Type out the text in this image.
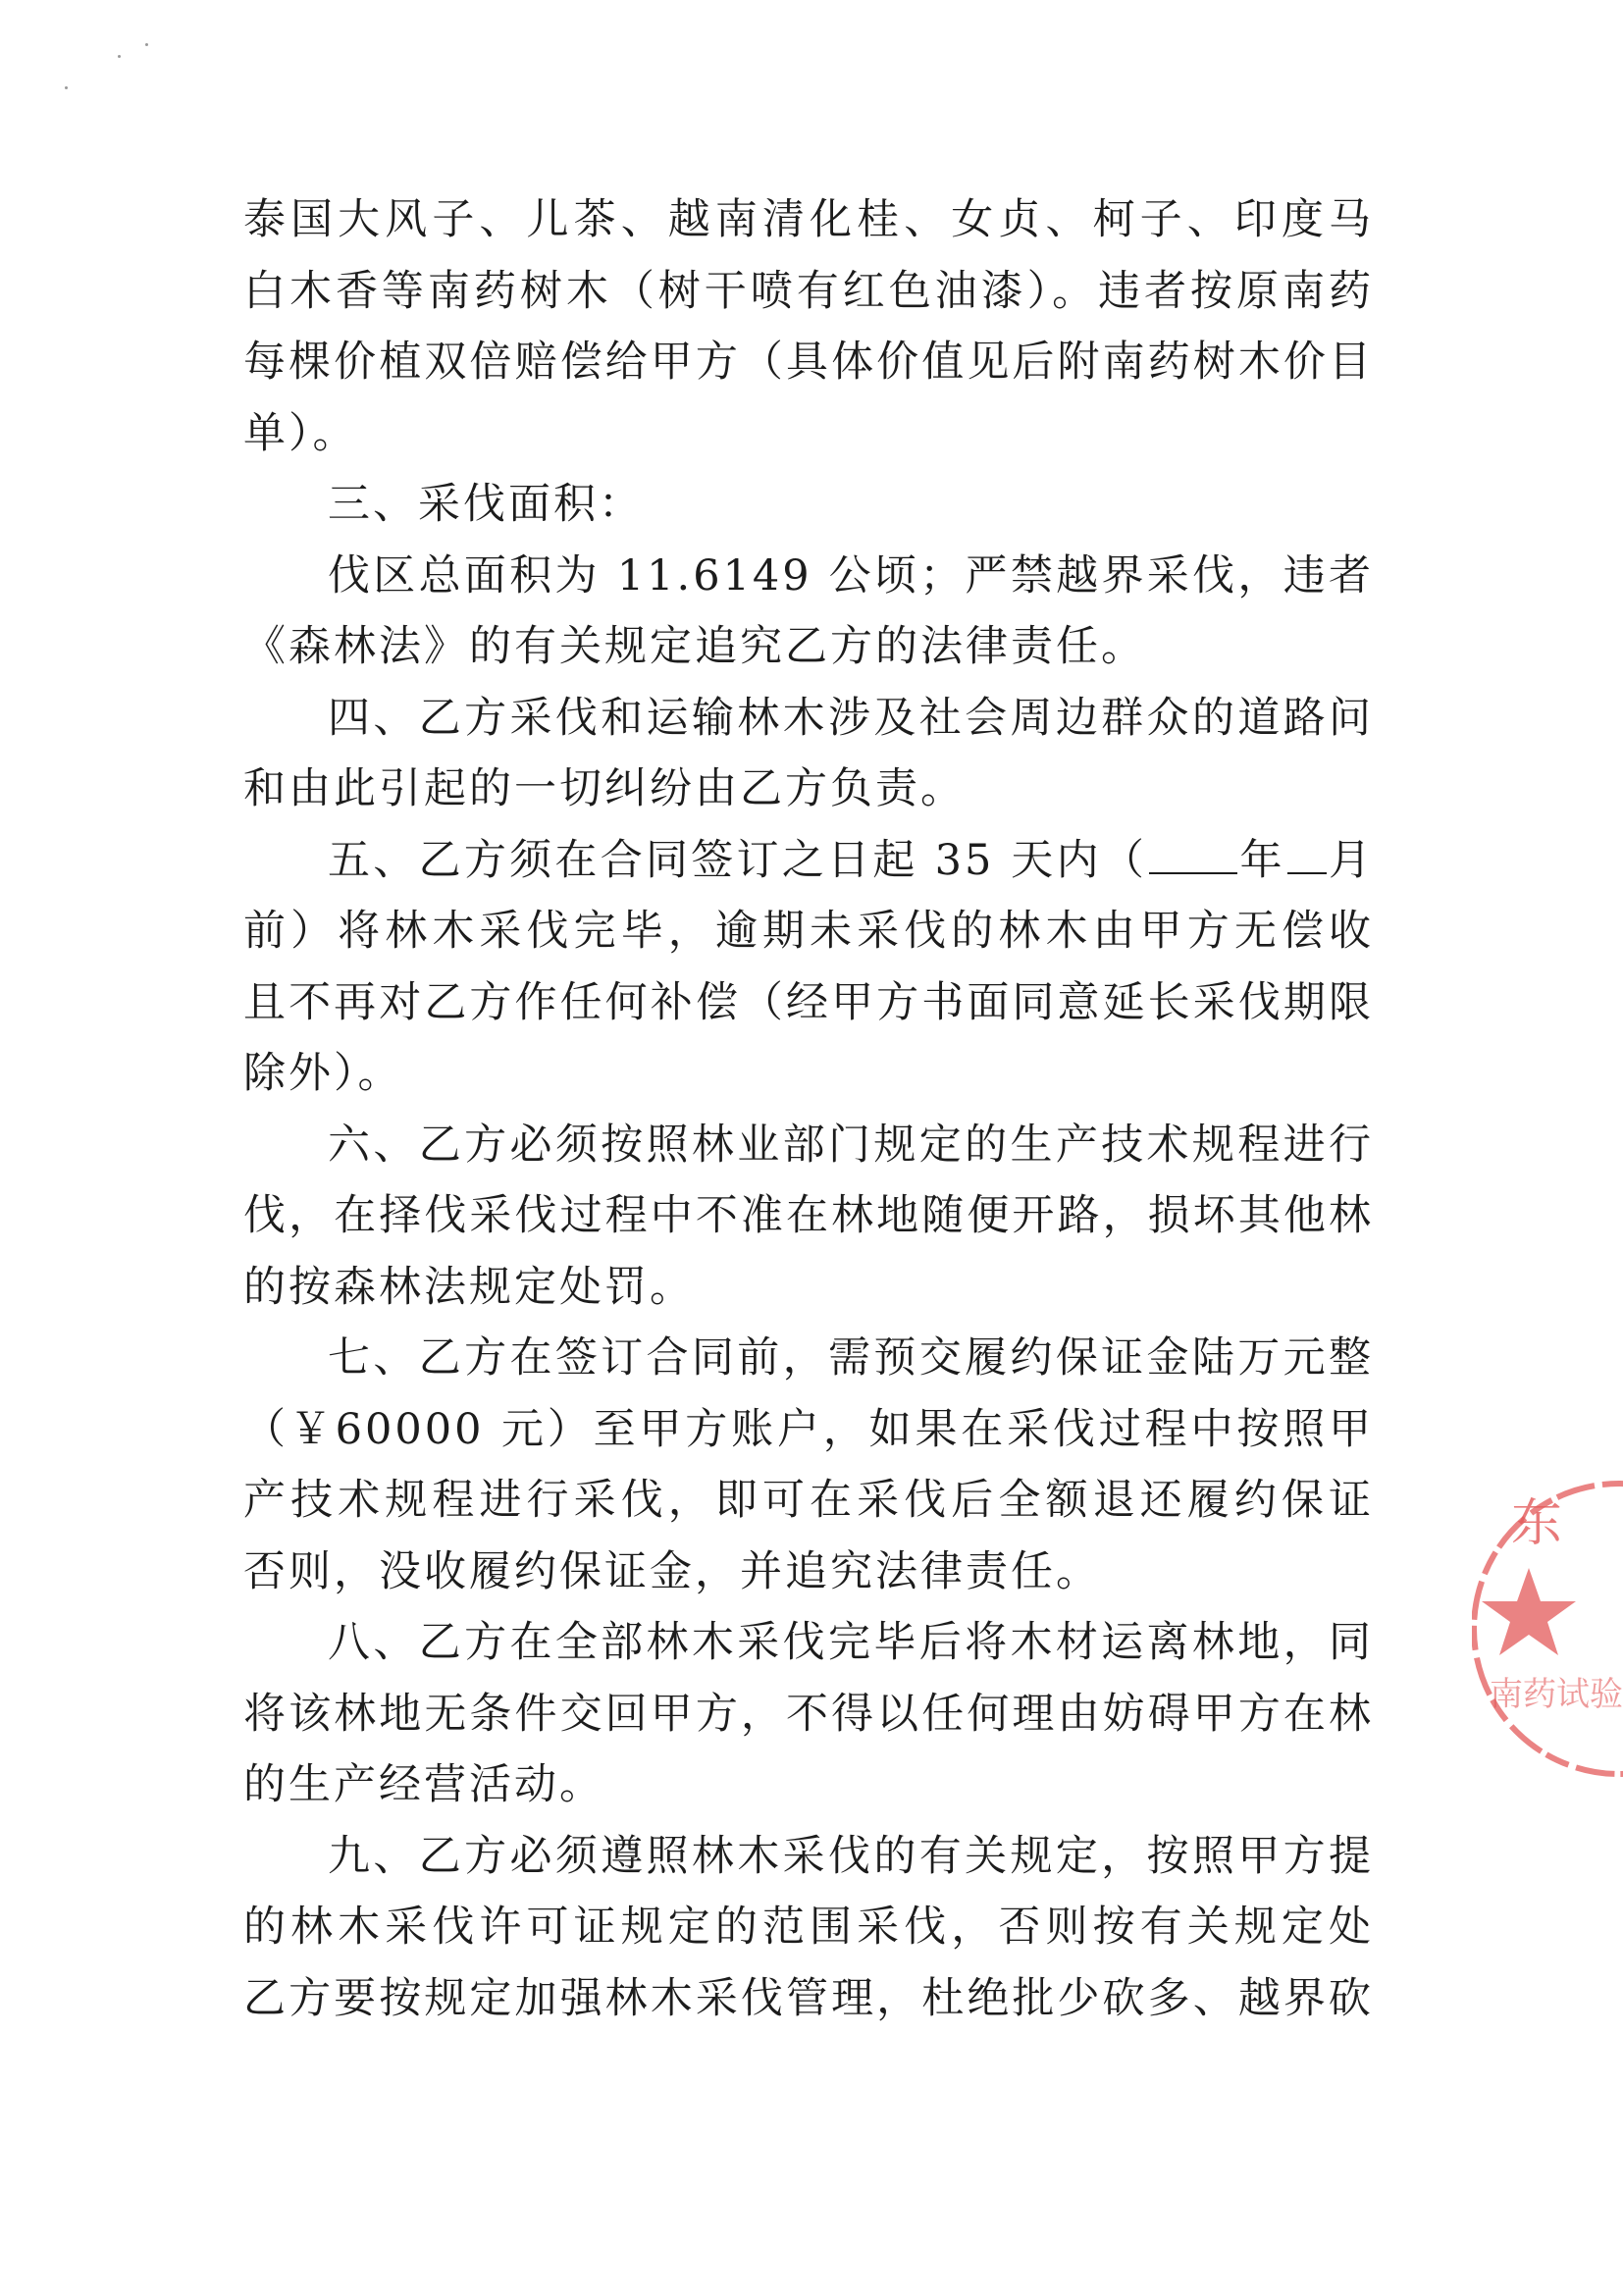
泰国大风子、儿茶、越南清化桂、女贞、柯子、印度马
白木香等南药树木（树干喷有红色油漆）。违者按原南药
每棵价植双倍赔偿给甲方（具体价值见后附南药树木价目
单）。
三、采伐面积：
伐区总面积为 11.6149 公顷；严禁越界采伐，违者
《森林法》的有关规定追究乙方的法律责任。
四、乙方采伐和运输林木涉及社会周边群众的道路问
和由此引起的一切纠纷由乙方负责。
五、乙方须在合同签订之日起 35 天内（ 年 月
前）将林木采伐完毕，逾期未采伐的林木由甲方无偿收
且不再对乙方作任何补偿（经甲方书面同意延长采伐期限
除外）。
六、乙方必须按照林业部门规定的生产技术规程进行
伐，在择伐采伐过程中不准在林地随便开路，损坏其他林
的按森林法规定处罚。
七、乙方在签订合同前，需预交履约保证金陆万元整
（￥60000 元）至甲方账户，如果在采伐过程中按照甲
产技术规程进行采伐，即可在采伐后全额退还履约保证
否则，没收履约保证金，并追究法律责任。
八、乙方在全部林木采伐完毕后将木材运离林地，同
将该林地无条件交回甲方，不得以任何理由妨碍甲方在林
的生产经营活动。
九、乙方必须遵照林木采伐的有关规定，按照甲方提
的林木采伐许可证规定的范围采伐，否则按有关规定处
乙方要按规定加强林木采伐管理，杜绝批少砍多、越界砍
东
南药试验
